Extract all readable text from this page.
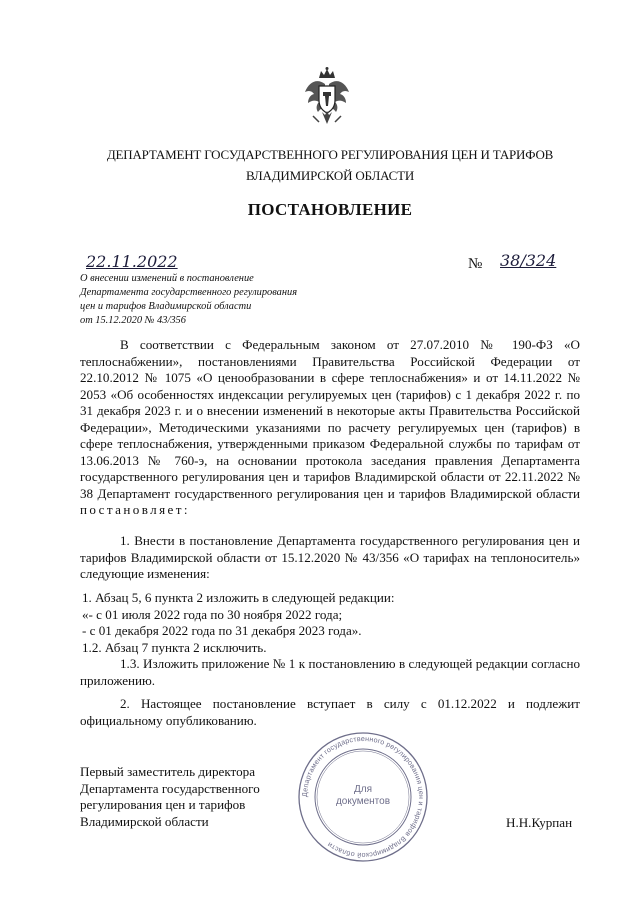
ДЕПАРТАМЕНТ ГОСУДАРСТВЕННОГО РЕГУЛИРОВАНИЯ ЦЕН И ТАРИФОВ
ВЛАДИМИРСКОЙ ОБЛАСТИ
ПОСТАНОВЛЕНИЕ
22.11.2022	№ 38/324
О внесении изменений в постановление
Департамента государственного регулирования
цен и тарифов Владимирской области
от 15.12.2020 № 43/356
В соответствии с Федеральным законом от 27.07.2010 № 190-ФЗ «О теплоснабжении», постановлениями Правительства Российской Федерации от 22.10.2012 № 1075 «О ценообразовании в сфере теплоснабжения» и от 14.11.2022 № 2053 «Об особенностях индексации регулируемых цен (тарифов) с 1 декабря 2022 г. по 31 декабря 2023 г. и о внесении изменений в некоторые акты Правительства Российской Федерации», Методическими указаниями по расчету регулируемых цен (тарифов) в сфере теплоснабжения, утвержденными приказом Федеральной службы по тарифам от 13.06.2013 № 760-э, на основании протокола заседания правления Департамента государственного регулирования цен и тарифов Владимирской области от 22.11.2022 № 38 Департамент государственного регулирования цен и тарифов Владимирской области постановляет:
1. Внести в постановление Департамента государственного регулирования цен и тарифов Владимирской области от 15.12.2020 № 43/356 «О тарифах на теплоноситель» следующие изменения:
1. Абзац 5, 6 пункта 2 изложить в следующей редакции:
«- с 01 июля 2022 года по 30 ноября 2022 года;
- с 01 декабря 2022 года по 31 декабря 2023 года».
1.2. Абзац 7 пункта 2 исключить.
1.3. Изложить приложение № 1 к постановлению в следующей редакции согласно приложению.
2. Настоящее постановление вступает в силу с 01.12.2022 и подлежит официальному опубликованию.
Первый заместитель директора
Департамента государственного
регулирования цен и тарифов
Владимирской области
Департамент государственного регулирования цен и тарифов Владимирской области
Для
документов
Н.Н.Курпан
